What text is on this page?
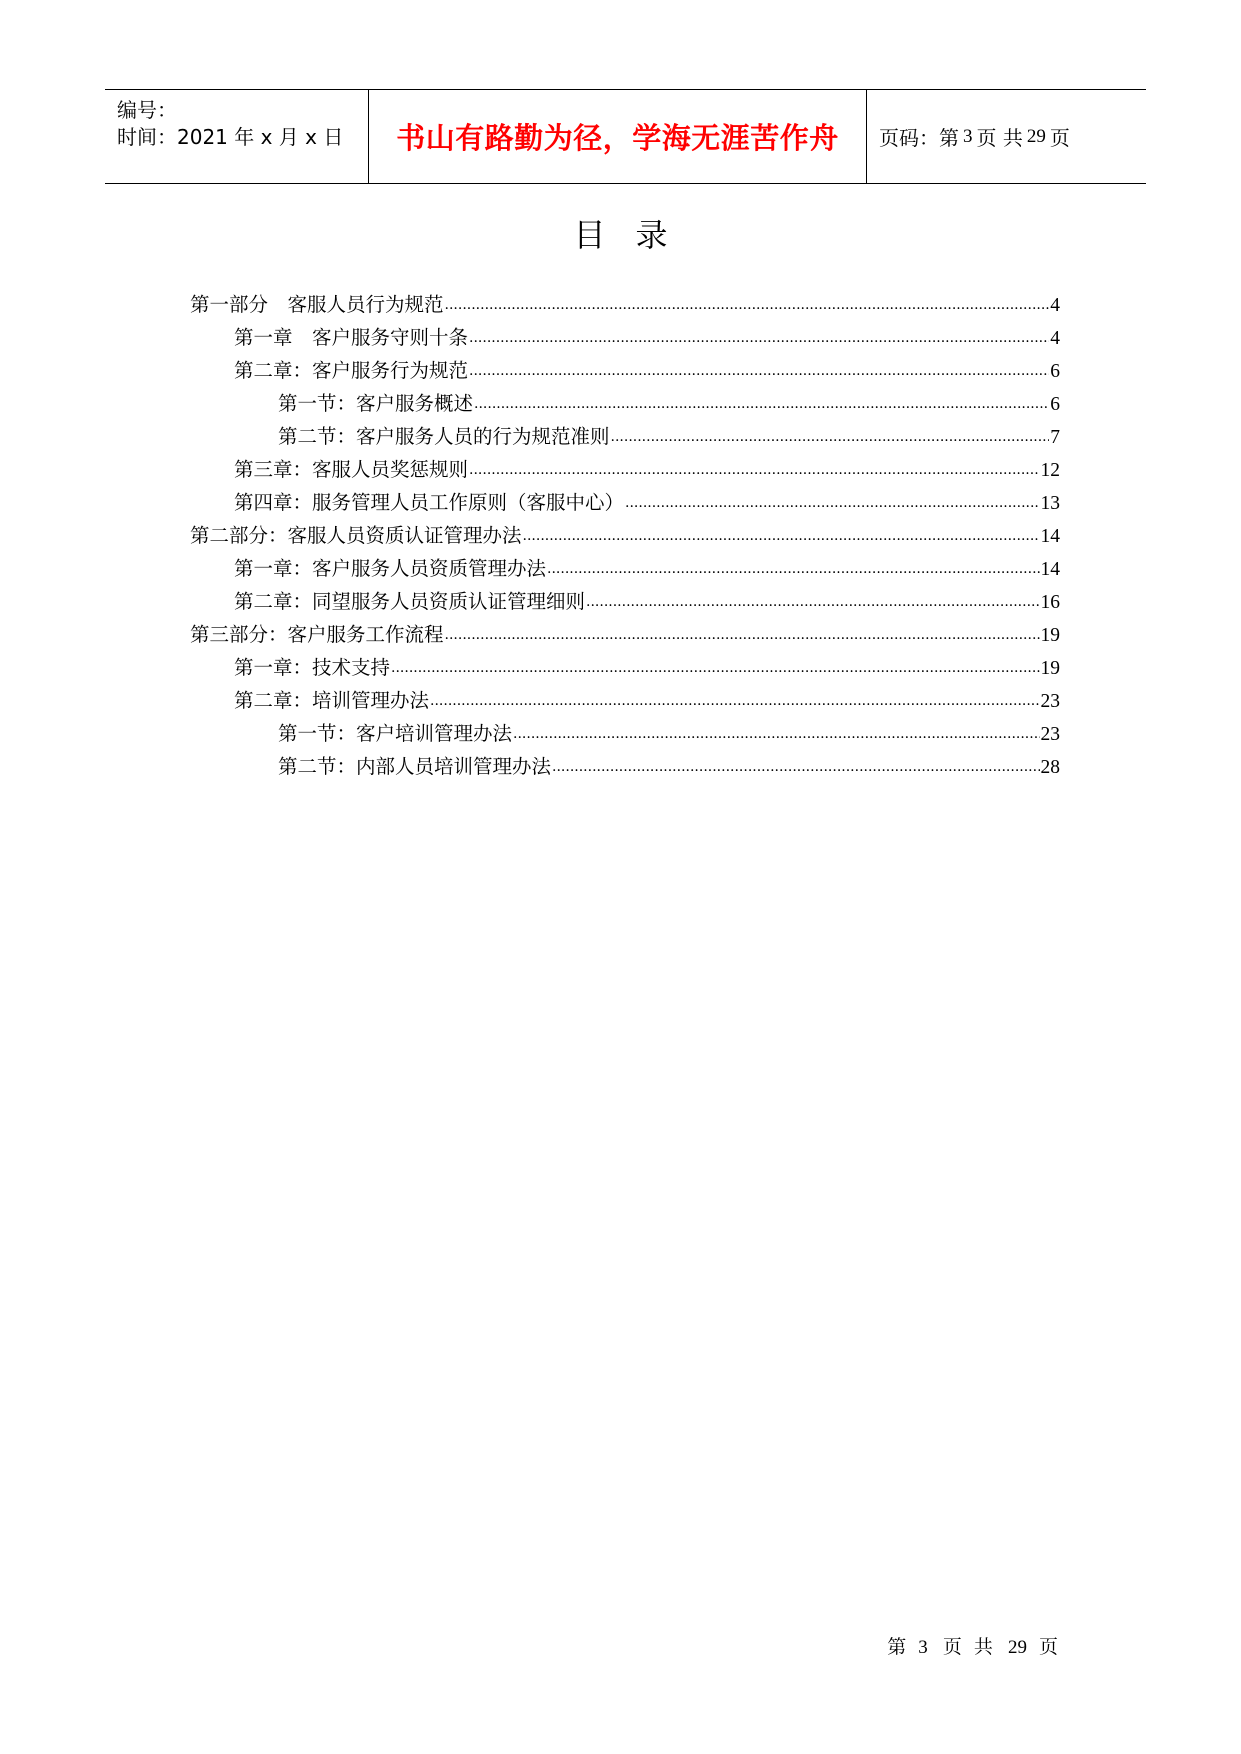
编号：
时间：2021 年 x 月 x 日 书山有路勤为径，学海无涯苦作舟 页码：第 3 页 共 29 页
目录
第一部分　客服人员行为规范 .....	4
第一章　客户服务守则十条 .....	4
第二章：客户服务行为规范 .....	6
第一节：客户服务概述 .....	6
第二节：客户服务人员的行为规范准则 .....	7
第三章：客服人员奖惩规则 .....	12
第四章：服务管理人员工作原则（客服中心） .....	13
第二部分：客服人员资质认证管理办法 .....	14
第一章：客户服务人员资质管理办法 .....	14
第二章：同望服务人员资质认证管理细则 .....	16
第三部分：客户服务工作流程 .....	19
第一章：技术支持 .....	19
第二章：培训管理办法 .....	23
第一节：客户培训管理办法 .....	23
第二节：内部人员培训管理办法 .....	28
第 3 页 共 29 页
